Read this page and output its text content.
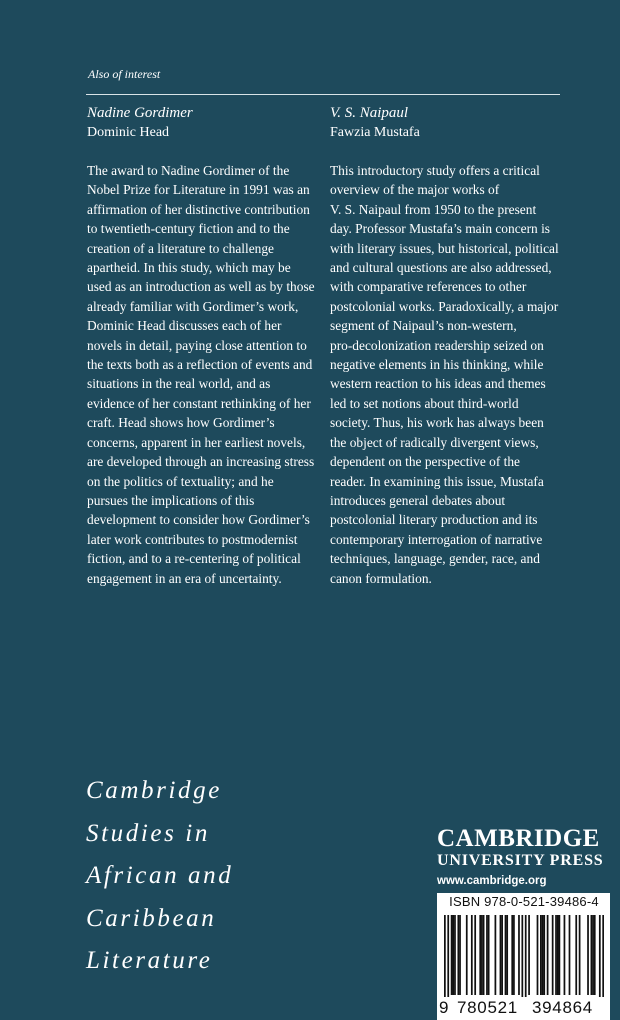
Also of interest

Nadine Gordimer

Dominic Head

The award to Nadine Gordimer of the
Nobel Prize for Literature in 1991 was an
affirmation of her distinctive contribution
to twentieth-century fiction and to the
creation of a literature to challenge
apartheid. In this study, which may be
used as an introduction as well as by those
already familiar with Gordimer’s work,
Dominic Head discusses each of her
novels in detail, paying close attention to
the texts both as a reflection of events and
situations in the real world, and as
evidence of her constant rethinking of her
craft. Head shows how Gordimer’s
concerns, apparent in her earliest novels,
are developed through an increasing stress
on the politics of textuality; and he
pursues the implications of this
development to consider how Gordimer’s
later work contributes to postmodernist
fiction, and to a re-centering of political
engagement in an era of uncertainty.

V. S. Naipaul

Fawzia Mustafa

This introductory study offers a critical
overview of the major works of
V. S. Naipaul from 1950 to the present
day. Professor Mustafa’s main concern is
with literary issues, but historical, political
and cultural questions are also addressed,
with comparative references to other
postcolonial works. Paradoxically, a major
segment of Naipaul’s non-western,
pro-decolonization readership seized on
negative elements in his thinking, while
western reaction to his ideas and themes
led to set notions about third-world
society. Thus, his work has always been
the object of radically divergent views,
dependent on the perspective of the
reader. In examining this issue, Mustafa
introduces general debates about
postcolonial literary production and its
contemporary interrogation of narrative
techniques, language, gender, race, and
canon formulation.
Cambridge
Studies in
African and
Caribbean
Literature
CAMBRIDGE
UNIVERSITY PRESS
www.cambridge.org
ISBN 978-0-521-39486-4
9 780521 394864
